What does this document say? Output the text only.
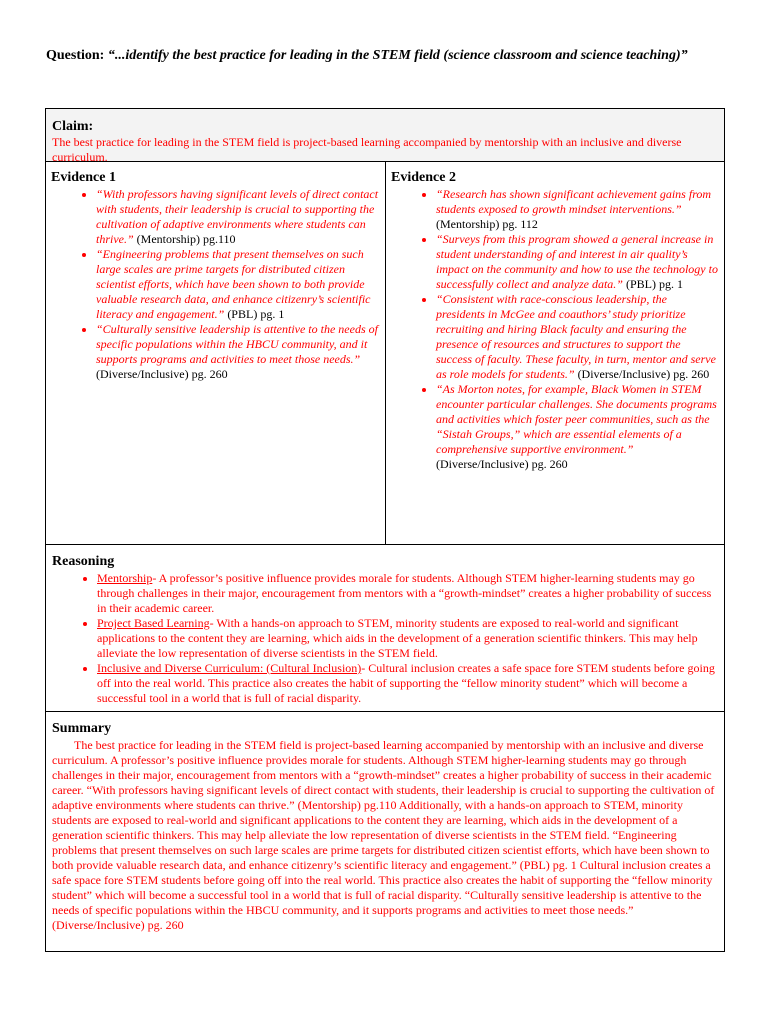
Question: “...identify the best practice for leading in the STEM field (science classroom and science teaching)”
Claim:
The best practice for leading in the STEM field is project-based learning accompanied by mentorship with an inclusive and diverse curriculum.
Evidence 1
• “With professors having significant levels of direct contact with students, their leadership is crucial to supporting the cultivation of adaptive environments where students can thrive.” (Mentorship) pg.110
• “Engineering problems that present themselves on such large scales are prime targets for distributed citizen scientist efforts, which have been shown to both provide valuable research data, and enhance citizenry’s scientific literacy and engagement.” (PBL) pg. 1
• “Culturally sensitive leadership is attentive to the needs of specific populations within the HBCU community, and it supports programs and activities to meet those needs.” (Diverse/Inclusive) pg. 260
Evidence 2
• “Research has shown significant achievement gains from students exposed to growth mindset interventions.” (Mentorship) pg. 112
• “Surveys from this program showed a general increase in student understanding of and interest in air quality’s impact on the community and how to use the technology to successfully collect and analyze data.” (PBL) pg. 1
• “Consistent with race-conscious leadership, the presidents in McGee and coauthors’ study prioritize recruiting and hiring Black faculty and ensuring the presence of resources and structures to support the success of faculty. These faculty, in turn, mentor and serve as role models for students.” (Diverse/Inclusive) pg. 260
• “As Morton notes, for example, Black Women in STEM encounter particular challenges. She documents programs and activities which foster peer communities, such as the “Sistah Groups,” which are essential elements of a comprehensive supportive environment.” (Diverse/Inclusive) pg. 260
Reasoning
• Mentorship- A professor’s positive influence provides morale for students. Although STEM higher-learning students may go through challenges in their major, encouragement from mentors with a “growth-mindset” creates a higher probability of success in their academic career.
• Project Based Learning- With a hands-on approach to STEM, minority students are exposed to real-world and significant applications to the content they are learning, which aids in the development of a generation scientific thinkers. This may help alleviate the low representation of diverse scientists in the STEM field.
• Inclusive and Diverse Curriculum: (Cultural Inclusion)- Cultural inclusion creates a safe space fore STEM students before going off into the real world. This practice also creates the habit of supporting the “fellow minority student” which will become a successful tool in a world that is full of racial disparity.
Summary
The best practice for leading in the STEM field is project-based learning accompanied by mentorship with an inclusive and diverse curriculum. A professor’s positive influence provides morale for students. Although STEM higher-learning students may go through challenges in their major, encouragement from mentors with a “growth-mindset” creates a higher probability of success in their academic career. “With professors having significant levels of direct contact with students, their leadership is crucial to supporting the cultivation of adaptive environments where students can thrive.” (Mentorship) pg.110 Additionally, with a hands-on approach to STEM, minority students are exposed to real-world and significant applications to the content they are learning, which aids in the development of a generation scientific thinkers. This may help alleviate the low representation of diverse scientists in the STEM field. “Engineering problems that present themselves on such large scales are prime targets for distributed citizen scientist efforts, which have been shown to both provide valuable research data, and enhance citizenry’s scientific literacy and engagement.” (PBL) pg. 1 Cultural inclusion creates a safe space fore STEM students before going off into the real world. This practice also creates the habit of supporting the “fellow minority student” which will become a successful tool in a world that is full of racial disparity. “Culturally sensitive leadership is attentive to the needs of specific populations within the HBCU community, and it supports programs and activities to meet those needs.” (Diverse/Inclusive) pg. 260
